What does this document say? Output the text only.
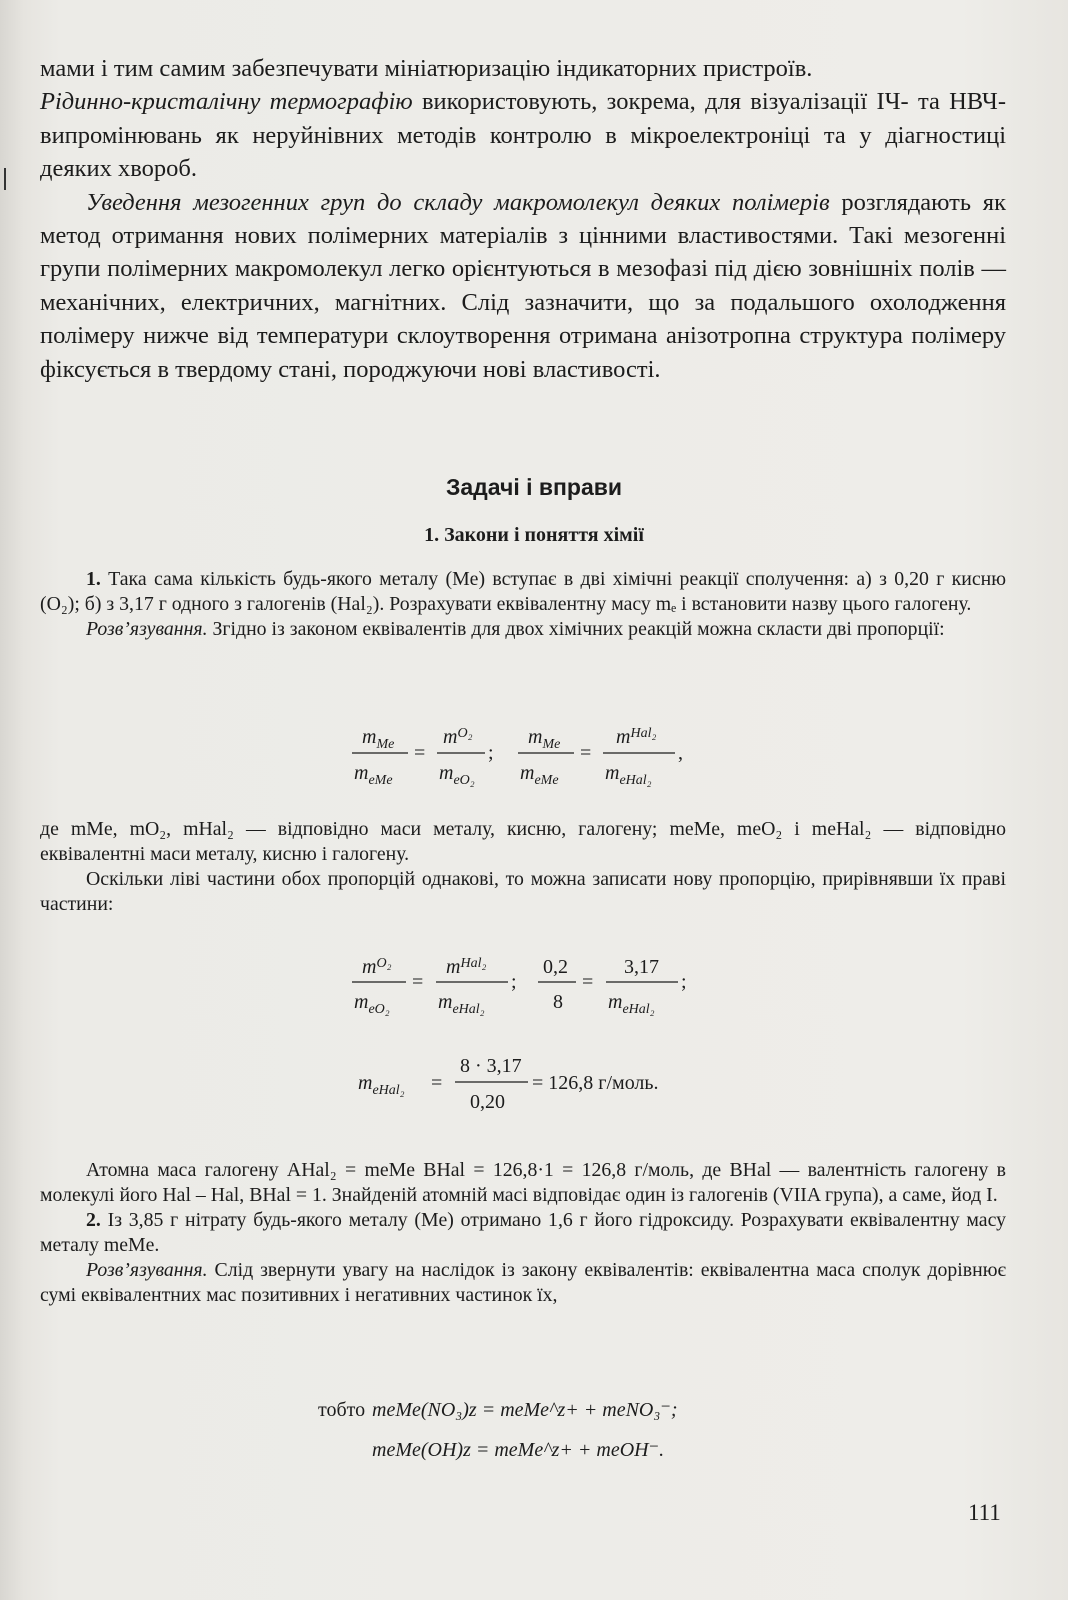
мами і тим самим забезпечувати мініатюризацію індикаторних пристроїв.

Рідинно-кристалічну термографію використовують, зокрема, для візуалізації ІЧ- та НВЧ-випромінювань як неруйнівних методів контролю в мікроелектроніці та у діагностиці деяких хвороб.

Уведення мезогенних груп до складу макромолекул деяких полімерів розглядають як метод отримання нових полімерних матеріалів з цінними властивостями. Такі мезогенні групи полімерних макромолекул легко орієнтуються в мезофазі під дією зовнішніх полів — механічних, електричних, магнітних. Слід зазначити, що за подальшого охолодження полімеру нижче від температури склоутворення отримана анізотропна структура полімеру фіксується в твердому стані, породжуючи нові властивості.

Задачі і вправи
1. Закони і поняття хімії

1. Така сама кількість будь-якого металу (Me) вступає в дві хімічні реакції сполучення: а) з 0,20 г кисню (O₂); б) з 3,17 г одного з галогенів (Hal₂). Розрахувати еквівалентну масу mₑ і встановити назву цього галогену.

Розв’язування. Згідно із законом еквівалентів для двох хімічних реакцій можна скласти дві пропорції:

$m_{Me}$
$m_{eMe}$
=
$m^{O_2}$
$m_{eO_2}$
;
$m_{Me}$
$m_{eMe}$
=
$m^{Hal_2}$
$m_{eHal_2}$
,

де mMe, mO₂, mHal₂ — відповідно маси металу, кисню, галогену; meMe, meO₂ і meHal₂ — відповідно еквівалентні маси металу, кисню і галогену.

Оскільки ліві частини обох пропорцій однакові, то можна записати нову пропорцію, прирівнявши їх праві частини:

$m^{O_2}$
$m_{eO_2}$
=
$m^{Hal_2}$
$m_{eHal_2}$
;
0,2
8
=
3,17
$m_{eHal_2}$
;
$m_{eHal_2}$ =
8 · 3,17
0,20
= 126,8 г/моль.

Атомна маса галогену AHal₂ = meMe BHal = 126,8·1 = 126,8 г/моль, де BHal — валентність галогену в молекулі його Hal – Hal, BHal = 1. Знайденій атомній масі відповідає один із галогенів (VIIA група), а саме, йод I.

2. Із 3,85 г нітрату будь-якого металу (Me) отримано 1,6 г його гідроксиду. Розрахувати еквівалентну масу металу meMe.

Розв’язування. Слід звернути увагу на наслідок із закону еквівалентів: еквівалентна маса сполук дорівнює сумі еквівалентних мас позитивних і негативних частинок їх,

тобто meMe(NO₃)z = meMe^z+ + meNO₃⁻;
meMe(OH)z = meMe^z+ + meOH⁻.
111
